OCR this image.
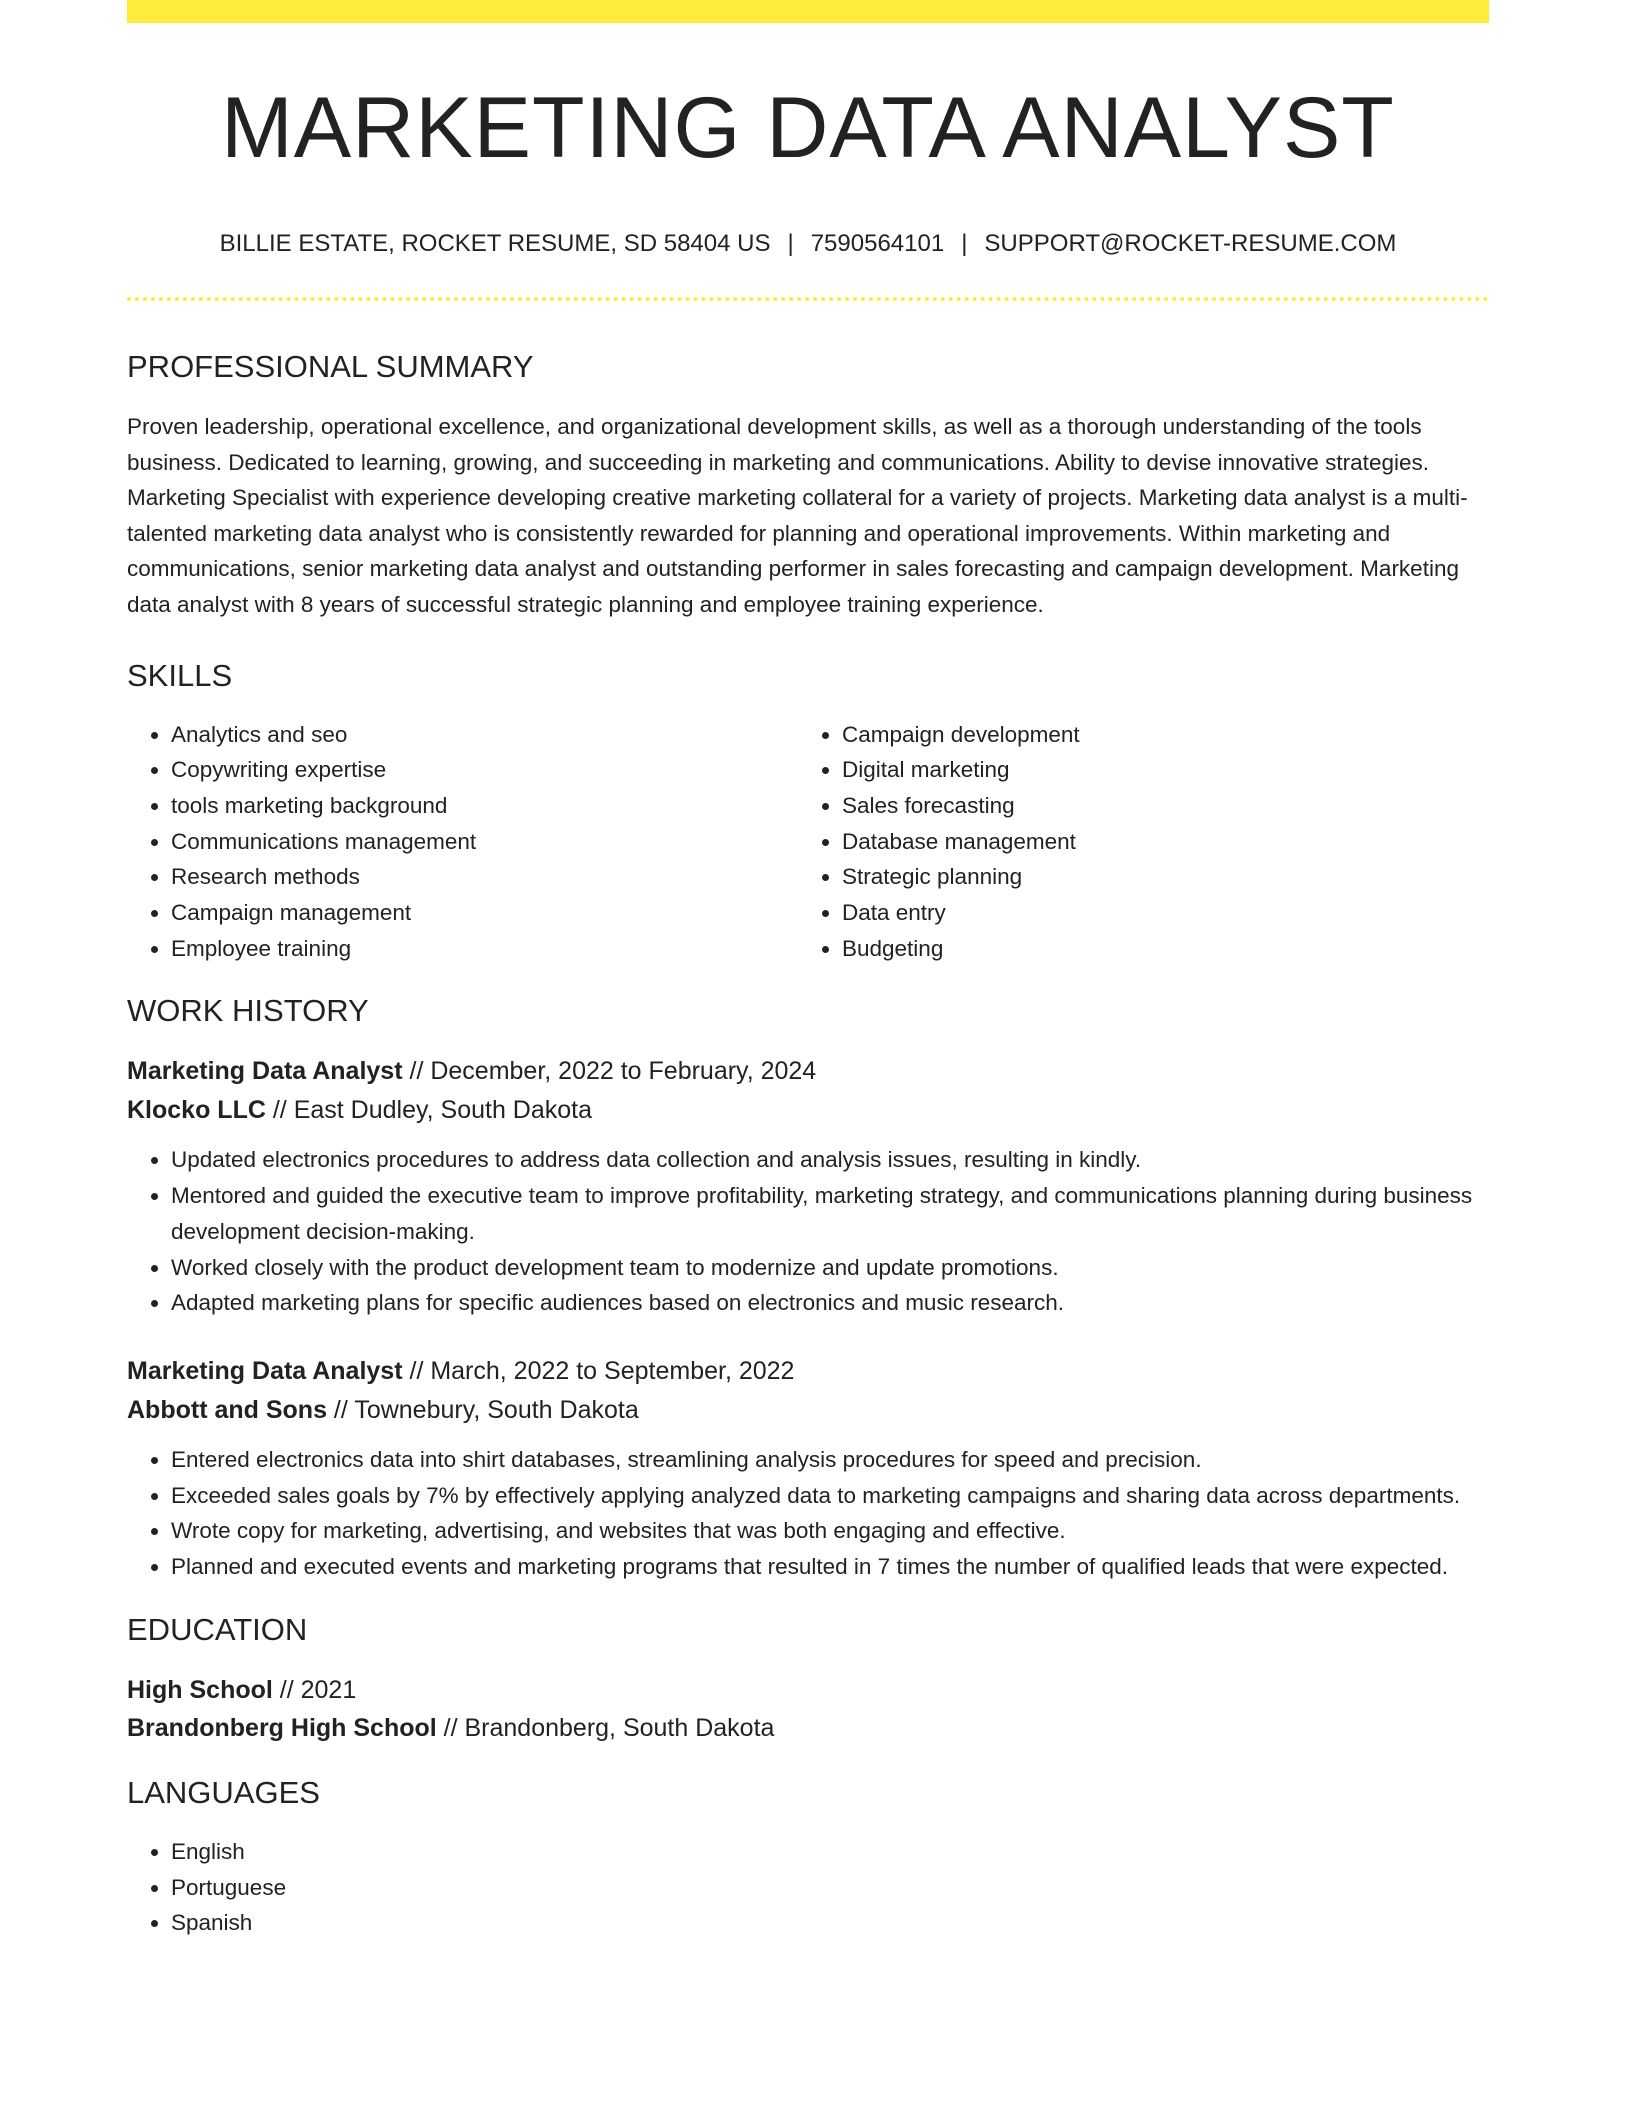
MARKETING DATA ANALYST
BILLIE ESTATE, ROCKET RESUME, SD 58404 US | 7590564101 | SUPPORT@ROCKET-RESUME.COM
PROFESSIONAL SUMMARY
Proven leadership, operational excellence, and organizational development skills, as well as a thorough understanding of the tools business. Dedicated to learning, growing, and succeeding in marketing and communications. Ability to devise innovative strategies. Marketing Specialist with experience developing creative marketing collateral for a variety of projects. Marketing data analyst is a multi-talented marketing data analyst who is consistently rewarded for planning and operational improvements. Within marketing and communications, senior marketing data analyst and outstanding performer in sales forecasting and campaign development. Marketing data analyst with 8 years of successful strategic planning and employee training experience.
SKILLS
• Analytics and seo
• Copywriting expertise
• tools marketing background
• Communications management
• Research methods
• Campaign management
• Employee training
• Campaign development
• Digital marketing
• Sales forecasting
• Database management
• Strategic planning
• Data entry
• Budgeting
WORK HISTORY
Marketing Data Analyst // December, 2022 to February, 2024
Klocko LLC // East Dudley, South Dakota
• Updated electronics procedures to address data collection and analysis issues, resulting in kindly.
• Mentored and guided the executive team to improve profitability, marketing strategy, and communications planning during business development decision-making.
• Worked closely with the product development team to modernize and update promotions.
• Adapted marketing plans for specific audiences based on electronics and music research.
Marketing Data Analyst // March, 2022 to September, 2022
Abbott and Sons // Townebury, South Dakota
• Entered electronics data into shirt databases, streamlining analysis procedures for speed and precision.
• Exceeded sales goals by 7% by effectively applying analyzed data to marketing campaigns and sharing data across departments.
• Wrote copy for marketing, advertising, and websites that was both engaging and effective.
• Planned and executed events and marketing programs that resulted in 7 times the number of qualified leads that were expected.
EDUCATION
High School // 2021
Brandonberg High School // Brandonberg, South Dakota
LANGUAGES
• English
• Portuguese
• Spanish
